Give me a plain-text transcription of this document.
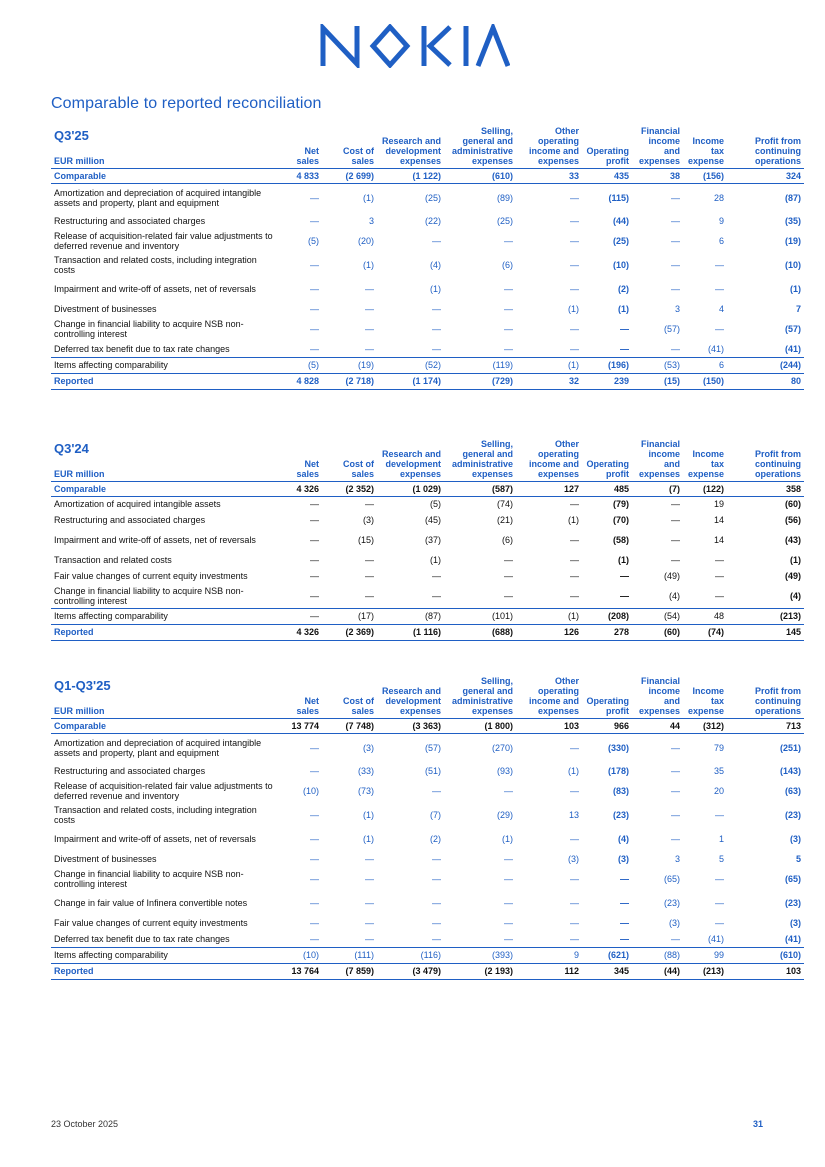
Comparable to reported reconciliation
Q3'25
EUR million	Net sales	Cost of sales	Research and development expenses	Selling, general and administrative expenses	Other operating income and expenses	Operating profit	Financial income and expenses	Income tax expense	Profit from continuing operations
Comparable	4 833	(2 699)	(1 122)	(610)	33	435	38	(156)	324
Amortization and depreciation of acquired intangible assets and property, plant and equipment	—	(1)	(25)	(89)	—	(115)	—	28	(87)
Restructuring and associated charges	—	3	(22)	(25)	—	(44)	—	9	(35)
Release of acquisition-related fair value adjustments to deferred revenue and inventory	(5)	(20)	—	—	—	(25)	—	6	(19)
Transaction and related costs, including integration costs	—	(1)	(4)	(6)	—	(10)	—	—	(10)
Impairment and write-off of assets, net of reversals	—	—	(1)	—	—	(2)	—	—	(1)
Divestment of businesses	—	—	—	—	(1)	(1)	3	4	7
Change in financial liability to acquire NSB non-controlling interest	—	—	—	—	—	—	(57)	—	(57)
Deferred tax benefit due to tax rate changes	—	—	—	—	—	—	—	(41)	(41)
Items affecting comparability	(5)	(19)	(52)	(119)	(1)	(196)	(53)	6	(244)
Reported	4 828	(2 718)	(1 174)	(729)	32	239	(15)	(150)	80
Q3'24
EUR million	Net sales	Cost of sales	Research and development expenses	Selling, general and administrative expenses	Other operating income and expenses	Operating profit	Financial income and expenses	Income tax expense	Profit from continuing operations
Comparable	4 326	(2 352)	(1 029)	(587)	127	485	(7)	(122)	358
Amortization of acquired intangible assets	—	—	(5)	(74)	—	(79)	—	19	(60)
Restructuring and associated charges	—	(3)	(45)	(21)	(1)	(70)	—	14	(56)
Impairment and write-off of assets, net of reversals	—	(15)	(37)	(6)	—	(58)	—	14	(43)
Transaction and related costs	—	—	(1)	—	—	(1)	—	—	(1)
Fair value changes of current equity investments	—	—	—	—	—	—	(49)	—	(49)
Change in financial liability to acquire NSB non-controlling interest	—	—	—	—	—	—	(4)	—	(4)
Items affecting comparability	—	(17)	(87)	(101)	(1)	(208)	(54)	48	(213)
Reported	4 326	(2 369)	(1 116)	(688)	126	278	(60)	(74)	145
Q1-Q3'25
EUR million	Net sales	Cost of sales	Research and development expenses	Selling, general and administrative expenses	Other operating income and expenses	Operating profit	Financial income and expenses	Income tax expense	Profit from continuing operations
Comparable	13 774	(7 748)	(3 363)	(1 800)	103	966	44	(312)	713
Amortization and depreciation of acquired intangible assets and property, plant and equipment	—	(3)	(57)	(270)	—	(330)	—	79	(251)
Restructuring and associated charges	—	(33)	(51)	(93)	(1)	(178)	—	35	(143)
Release of acquisition-related fair value adjustments to deferred revenue and inventory	(10)	(73)	—	—	—	(83)	—	20	(63)
Transaction and related costs, including integration costs	—	(1)	(7)	(29)	13	(23)	—	—	(23)
Impairment and write-off of assets, net of reversals	—	(1)	(2)	(1)	—	(4)	—	1	(3)
Divestment of businesses	—	—	—	—	(3)	(3)	3	5	5
Change in financial liability to acquire NSB non-controlling interest	—	—	—	—	—	—	(65)	—	(65)
Change in fair value of Infinera convertible notes	—	—	—	—	—	—	(23)	—	(23)
Fair value changes of current equity investments	—	—	—	—	—	—	(3)	—	(3)
Deferred tax benefit due to tax rate changes	—	—	—	—	—	—	—	(41)	(41)
Items affecting comparability	(10)	(111)	(116)	(393)	9	(621)	(88)	99	(610)
Reported	13 764	(7 859)	(3 479)	(2 193)	112	345	(44)	(213)	103
23 October 2025	31
